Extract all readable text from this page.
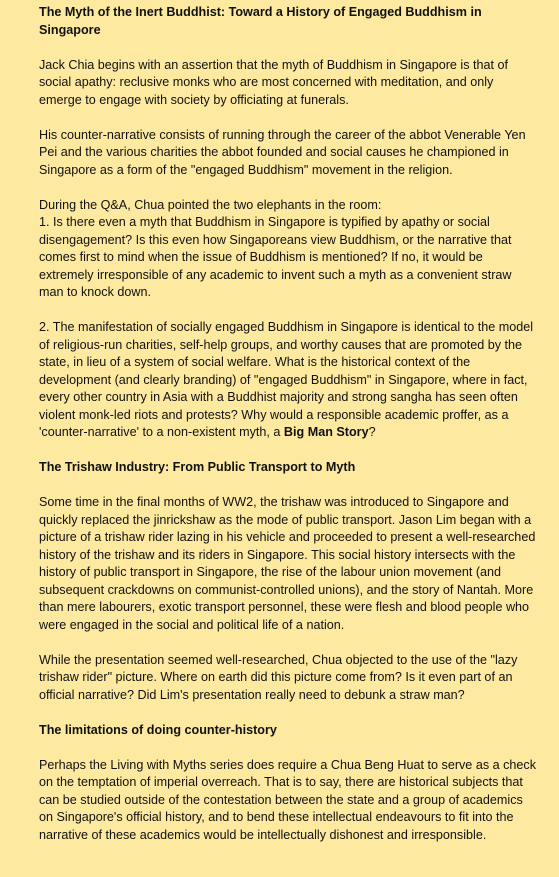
The Myth of the Inert Buddhist: Toward a History of Engaged Buddhism in Singapore

Jack Chia begins with an assertion that the myth of Buddhism in Singapore is that of social apathy: reclusive monks who are most concerned with meditation, and only emerge to engage with society by officiating at funerals.

His counter-narrative consists of running through the career of the abbot Venerable Yen Pei and the various charities the abbot founded and social causes he championed in Singapore as a form of the "engaged Buddhism" movement in the religion.

During the Q&A, Chua pointed the two elephants in the room:

1. Is there even a myth that Buddhism in Singapore is typified by apathy or social disengagement? Is this even how Singaporeans view Buddhism, or the narrative that comes first to mind when the issue of Buddhism is mentioned? If no, it would be extremely irresponsible of any academic to invent such a myth as a convenient straw man to knock down.

2. The manifestation of socially engaged Buddhism in Singapore is identical to the model of religious-run charities, self-help groups, and worthy causes that are promoted by the state, in lieu of a system of social welfare. What is the historical context of the development (and clearly branding) of "engaged Buddhism" in Singapore, where in fact, every other country in Asia with a Buddhist majority and strong sangha has seen often violent monk-led riots and protests? Why would a responsible academic proffer, as a 'counter-narrative' to a non-existent myth, a Big Man Story?

The Trishaw Industry: From Public Transport to Myth

Some time in the final months of WW2, the trishaw was introduced to Singapore and quickly replaced the jinrickshaw as the mode of public transport. Jason Lim began with a picture of a trishaw rider lazing in his vehicle and proceeded to present a well-researched history of the trishaw and its riders in Singapore. This social history intersects with the history of public transport in Singapore, the rise of the labour union movement (and subsequent crackdowns on communist-controlled unions), and the story of Nantah. More than mere labourers, exotic transport personnel, these were flesh and blood people who were engaged in the social and political life of a nation.

While the presentation seemed well-researched, Chua objected to the use of the "lazy trishaw rider" picture. Where on earth did this picture come from? Is it even part of an official narrative? Did Lim's presentation really need to debunk a straw man?

The limitations of doing counter-history

Perhaps the Living with Myths series does require a Chua Beng Huat to serve as a check on the temptation of imperial overreach. That is to say, there are historical subjects that can be studied outside of the contestation between the state and a group of academics on Singapore's official history, and to bend these intellectual endeavours to fit into the narrative of these academics would be intellectually dishonest and irresponsible.
